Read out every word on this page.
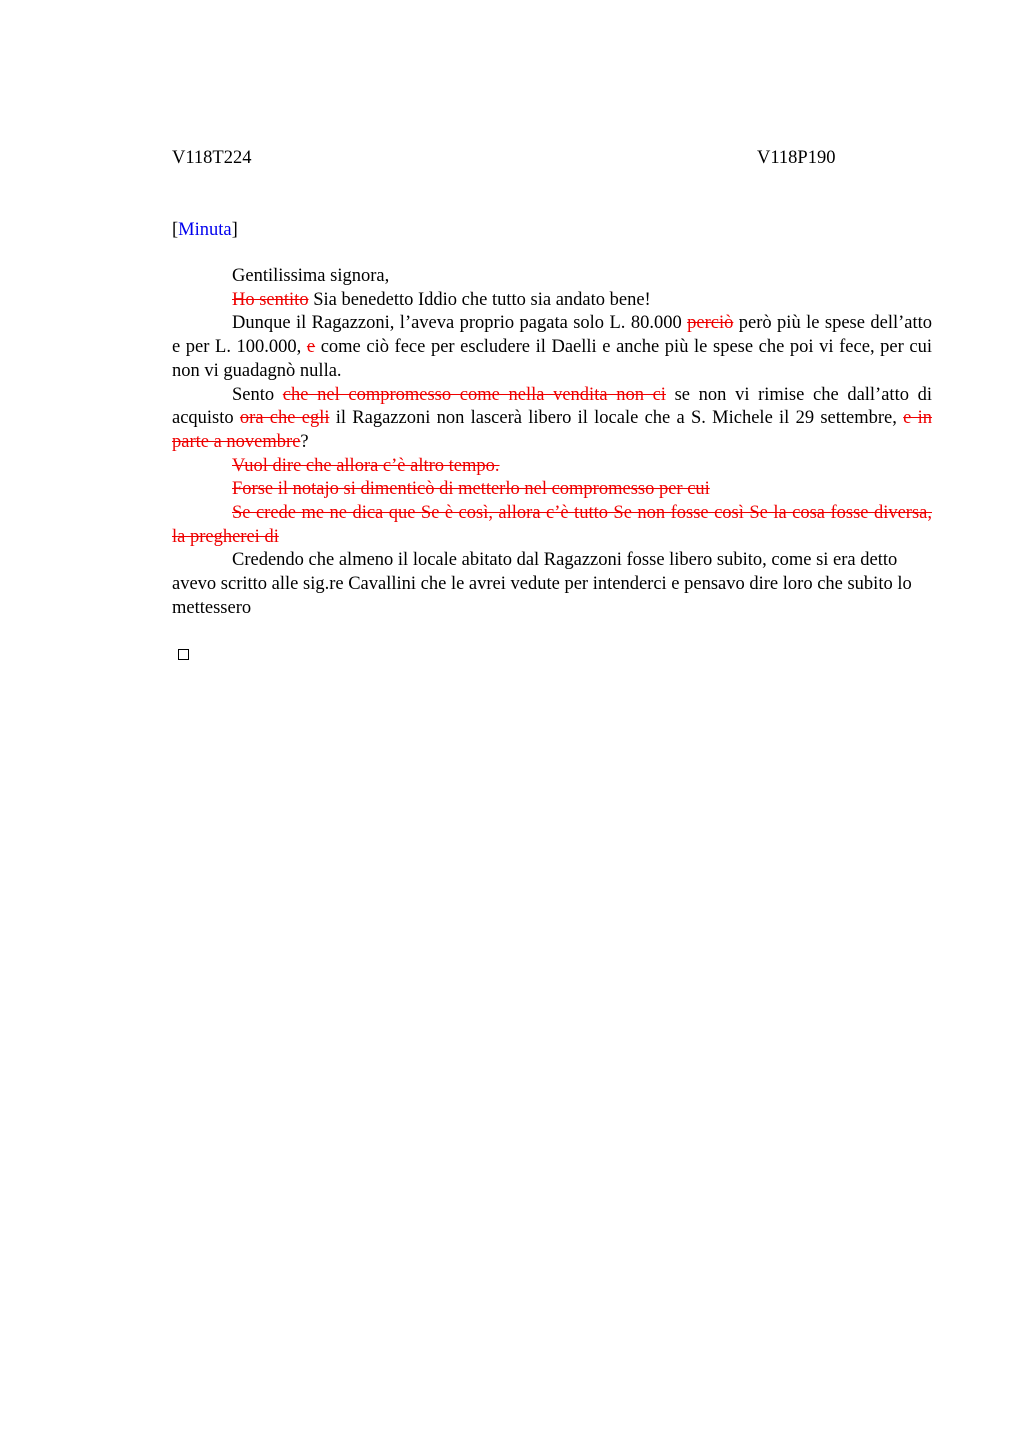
V118T224	V118P190
[Minuta]

Gentilissima signora,

Ho sentito Sia benedetto Iddio che tutto sia andato bene!

Dunque il Ragazzoni, l’aveva proprio pagata solo L. 80.000 perciò però più le spese dell’atto e per L. 100.000, e come ciò fece per escludere il Daelli e anche più le spese che poi vi fece, per cui non vi guadagnò nulla.

Sento che nel compromesso come nella vendita non ci se non vi rimise che dall’atto di acquisto ora che egli il Ragazzoni non lascerà libero il locale che a S. Michele il 29 settembre, e in parte a novembre?

Vuol dire che allora c’è altro tempo.

Forse il notajo si dimenticò di metterlo nel compromesso per cui

Se crede me ne dica que Se è così, allora c’è tutto Se non fosse così Se la cosa fosse diversa, la pregherei di

Credendo che almeno il locale abitato dal Ragazzoni fosse libero subito, come si era detto avevo scritto alle sig.re Cavallini che le avrei vedute per intenderci e pensavo dire loro che subito lo mettessero
